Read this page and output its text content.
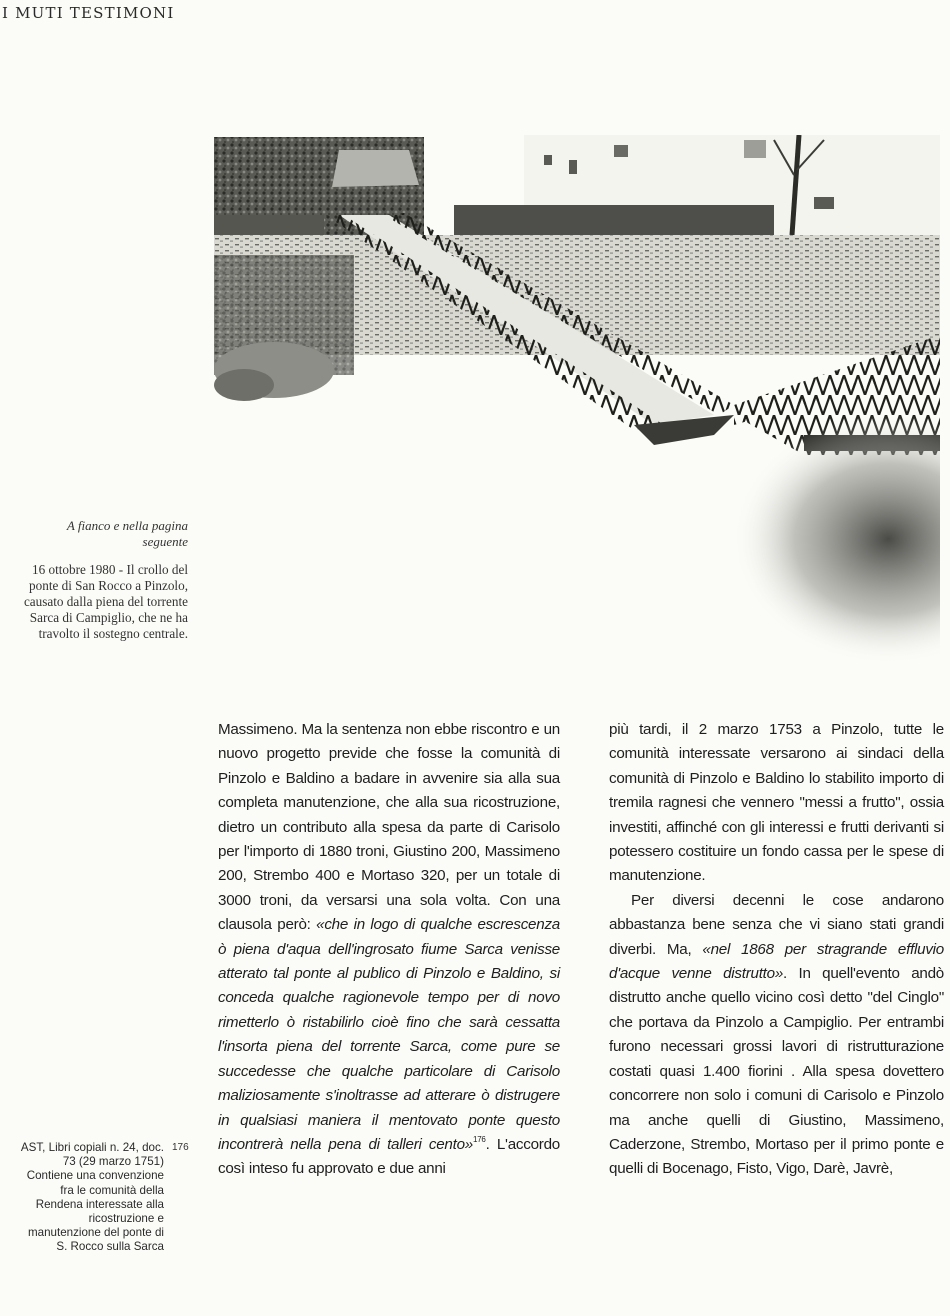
I MUTI TESTIMONI
A fianco e nella pagina seguente
16 ottobre 1980 - Il crollo del ponte di San Rocco a Pinzolo, causato dalla piena del torrente Sarca di Campiglio, che ne ha travolto il sostegno centrale.

Massimeno. Ma la sentenza non ebbe riscontro e un nuovo progetto previde che fosse la comunità di Pinzolo e Baldino a badare in avvenire sia alla sua completa manutenzione, che alla sua ricostruzione, dietro un contributo alla spesa da parte di Carisolo per l'importo di 1880 troni, Giustino 200, Massimeno 200, Strembo 400 e Mortaso 320, per un totale di 3000 troni, da versarsi una sola volta. Con una clausola però: «che in logo di qualche escrescenza ò piena d'aqua dell'ingrosato fiume Sarca venisse atterato tal ponte al publico di Pinzolo e Baldino, si conceda qualche ragionevole tempo per di novo rimetterlo ò ristabilirlo cioè fino che sarà cessatta l'insorta piena del torrente Sarca, come pure se succedesse che qualche particolare di Carisolo maliziosamente s'inoltrasse ad atterare ò distrugere in qualsiasi maniera il mentovato ponte questo incontrerà nella pena di talleri cento»$^{176}$. L'accordo così inteso fu approvato e due anni

più tardi, il 2 marzo 1753 a Pinzolo, tutte le comunità interessate versarono ai sindaci della comunità di Pinzolo e Baldino lo stabilito importo di tremila ragnesi che vennero "messi a frutto", ossia investiti, affinché con gli interessi e frutti derivanti si potessero costituire un fondo cassa per le spese di manutenzione.

Per diversi decenni le cose andarono abbastanza bene senza che vi siano stati grandi diverbi. Ma, «nel 1868 per stragrande effluvio d'acque venne distrutto». In quell'evento andò distrutto anche quello vicino così detto "del Cinglo" che portava da Pinzolo a Campiglio. Per entrambi furono necessari grossi lavori di ristrutturazione costati quasi 1.400 fiorini . Alla spesa dovettero concorrere non solo i comuni di Carisolo e Pinzolo ma anche quelli di Giustino, Massimeno, Caderzone, Strembo, Mortaso per il primo ponte e quelli di Bocenago, Fisto, Vigo, Darè, Javrè,

AST, Libri copiali n. 24, doc. 73 (29 marzo 1751) Contiene una convenzione fra le comunità della Rendena interessate alla ricostruzione e manutenzione del ponte di S. Rocco sulla Sarca
176
